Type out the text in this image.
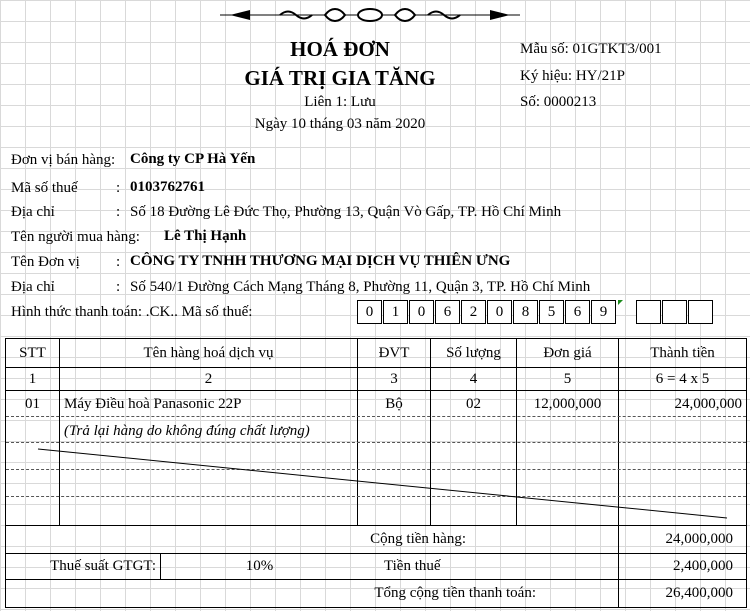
HOÁ ĐƠN
GIÁ TRỊ GIA TĂNG
Liên 1: Lưu
Ngày 10 tháng 03 năm 2020
Mẫu số: 01GTKT3/001
Ký hiệu: HY/21P
Số: 0000213
Đơn vị bán hàng: Công ty CP Hà Yến
Mã số thuế	: 0103762761
Địa chỉ	: Số 18 Đường Lê Đức Thọ, Phường 13, Quận Vò Gấp, TP. Hồ Chí Minh
Tên người mua hàng: Lê Thị Hạnh
Tên Đơn vị : CÔNG TY TNHH THƯƠNG MẠI DỊCH VỤ THIÊN ƯNG
Địa chỉ	: Số 540/1 Đường Cách Mạng Tháng 8, Phường 11, Quận 3, TP. Hồ Chí Minh
Hình thức thanh toán: .CK.. Mã số thuế:	0	1	0	6	2	0	8	5	6	9
STT	Tên hàng hoá dịch vụ	ĐVT	Số lượng	Đơn giá	Thành tiền
1	2	3	4	5	6 = 4 x 5
01	Máy Điều hoà Panasonic 22P	Bộ	02	12,000,000	24,000,000
(Trả lại hàng do không đúng chất lượng)
Cộng tiền hàng:	24,000,000
Thuế suất GTGT:	10%	Tiền thuế	2,400,000
Tổng cộng tiền thanh toán:	26,400,000
